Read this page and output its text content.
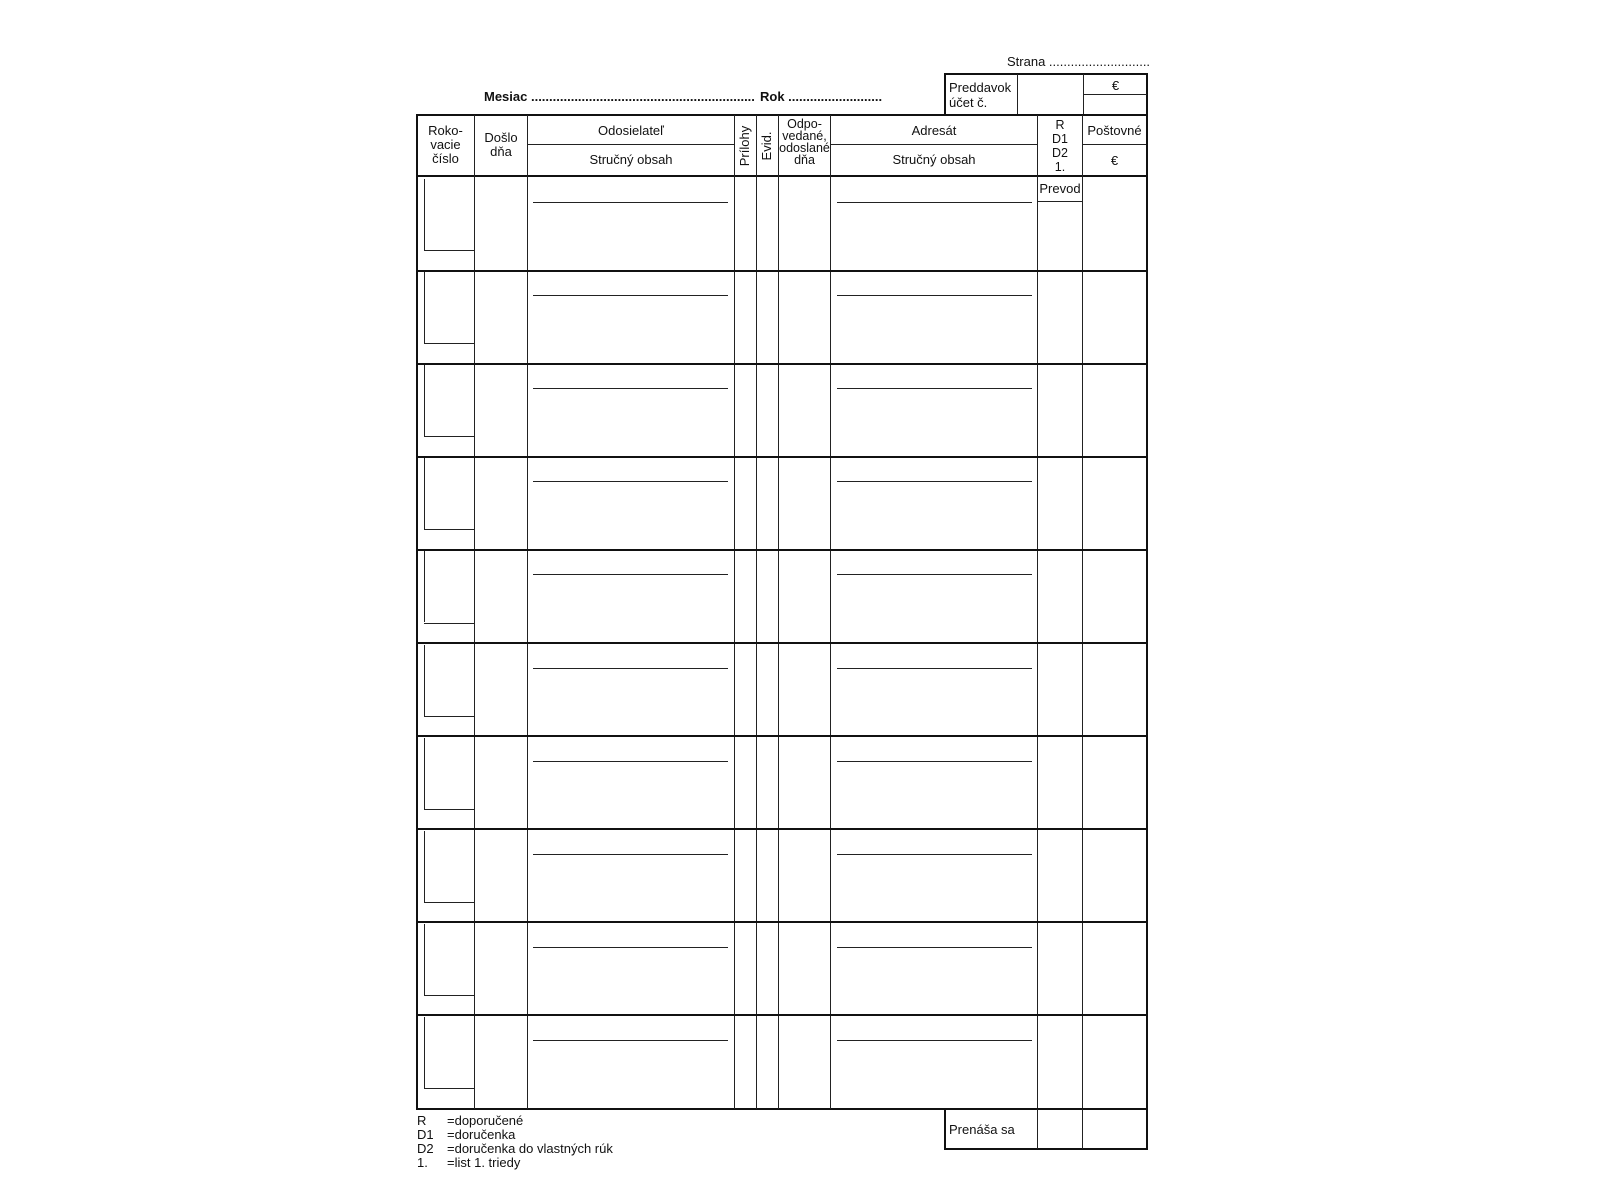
Strana ............................
Mesiac .............................................................. Rok ..........................
Preddavok
účet č.
€
Roko-
vacie
číslo
Došlo
dňa
Odosielateľ
Stručný obsah	Prílohy Evid.
Odpo-
vedané,
odoslané
dňa
Adresát
Stručný obsah
R
D1
D2
1.
Poštovné
€
Prevod
Prenáša sa
R =doporučené
D1 =doručenka
D2 =doručenka do vlastných rúk
1. =list 1. triedy
